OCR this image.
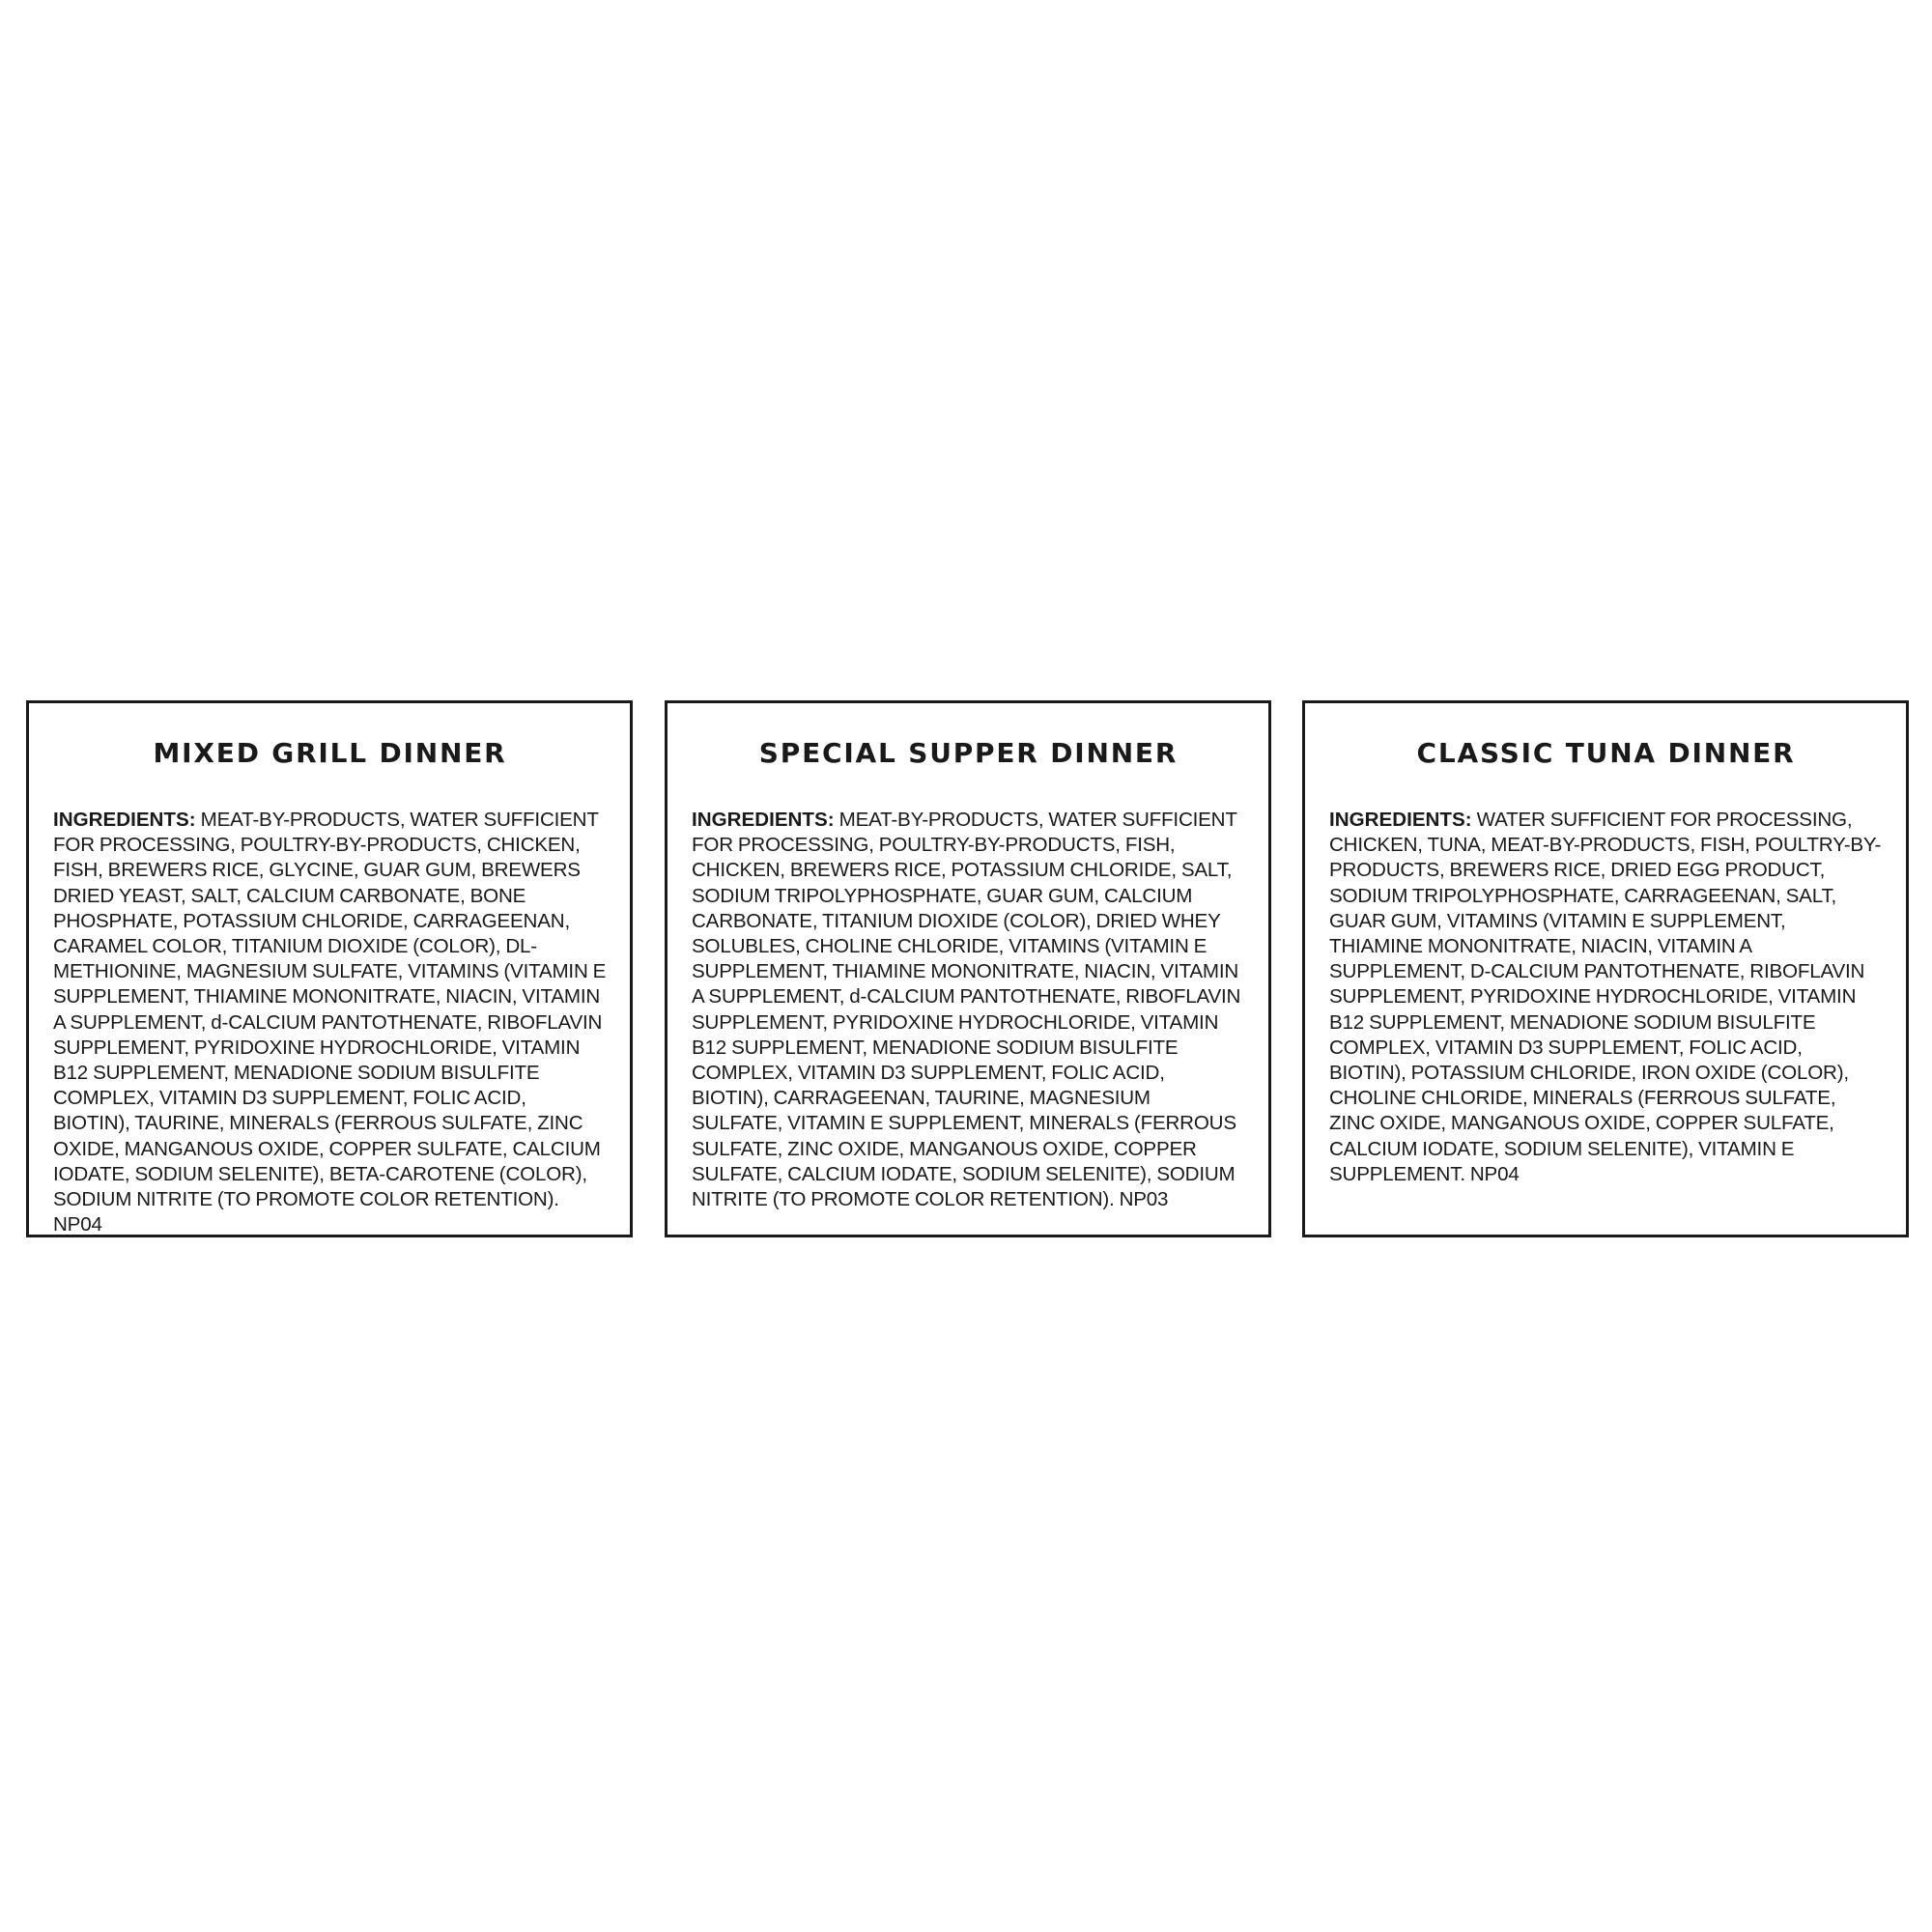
MIXED GRILL DINNER

INGREDIENTS: MEAT-BY-PRODUCTS, WATER SUFFICIENT FOR PROCESSING, POULTRY-BY-PRODUCTS, CHICKEN, FISH, BREWERS RICE, GLYCINE, GUAR GUM, BREWERS DRIED YEAST, SALT, CALCIUM CARBONATE, BONE PHOSPHATE, POTASSIUM CHLORIDE, CARRAGEENAN, CARAMEL COLOR, TITANIUM DIOXIDE (COLOR), DL-METHIONINE, MAGNESIUM SULFATE, VITAMINS (VITAMIN E SUPPLEMENT, THIAMINE MONONITRATE, NIACIN, VITAMIN A SUPPLEMENT, d-CALCIUM PANTOTHENATE, RIBOFLAVIN SUPPLEMENT, PYRIDOXINE HYDROCHLORIDE, VITAMIN B12 SUPPLEMENT, MENADIONE SODIUM BISULFITE COMPLEX, VITAMIN D3 SUPPLEMENT, FOLIC ACID, BIOTIN), TAURINE, MINERALS (FERROUS SULFATE, ZINC OXIDE, MANGANOUS OXIDE, COPPER SULFATE, CALCIUM IODATE, SODIUM SELENITE), BETA-CAROTENE (COLOR), SODIUM NITRITE (TO PROMOTE COLOR RETENTION). NP04

SPECIAL SUPPER DINNER

INGREDIENTS: MEAT-BY-PRODUCTS, WATER SUFFICIENT FOR PROCESSING, POULTRY-BY-PRODUCTS, FISH, CHICKEN, BREWERS RICE, POTASSIUM CHLORIDE, SALT, SODIUM TRIPOLYPHOSPHATE, GUAR GUM, CALCIUM CARBONATE, TITANIUM DIOXIDE (COLOR), DRIED WHEY SOLUBLES, CHOLINE CHLORIDE, VITAMINS (VITAMIN E SUPPLEMENT, THIAMINE MONONITRATE, NIACIN, VITAMIN A SUPPLEMENT, d-CALCIUM PANTOTHENATE, RIBOFLAVIN SUPPLEMENT, PYRIDOXINE HYDROCHLORIDE, VITAMIN B12 SUPPLEMENT, MENADIONE SODIUM BISULFITE COMPLEX, VITAMIN D3 SUPPLEMENT, FOLIC ACID, BIOTIN), CARRAGEENAN, TAURINE, MAGNESIUM SULFATE, VITAMIN E SUPPLEMENT, MINERALS (FERROUS SULFATE, ZINC OXIDE, MANGANOUS OXIDE, COPPER SULFATE, CALCIUM IODATE, SODIUM SELENITE), SODIUM NITRITE (TO PROMOTE COLOR RETENTION). NP03

CLASSIC TUNA DINNER

INGREDIENTS: WATER SUFFICIENT FOR PROCESSING, CHICKEN, TUNA, MEAT-BY-PRODUCTS, FISH, POULTRY-BY-PRODUCTS, BREWERS RICE, DRIED EGG PRODUCT, SODIUM TRIPOLYPHOSPHATE, CARRAGEENAN, SALT, GUAR GUM, VITAMINS (VITAMIN E SUPPLEMENT, THIAMINE MONONITRATE, NIACIN, VITAMIN A SUPPLEMENT, D-CALCIUM PANTOTHENATE, RIBOFLAVIN SUPPLEMENT, PYRIDOXINE HYDROCHLORIDE, VITAMIN B12 SUPPLEMENT, MENADIONE SODIUM BISULFITE COMPLEX, VITAMIN D3 SUPPLEMENT, FOLIC ACID, BIOTIN), POTASSIUM CHLORIDE, IRON OXIDE (COLOR), CHOLINE CHLORIDE, MINERALS (FERROUS SULFATE, ZINC OXIDE, MANGANOUS OXIDE, COPPER SULFATE, CALCIUM IODATE, SODIUM SELENITE), VITAMIN E SUPPLEMENT. NP04
